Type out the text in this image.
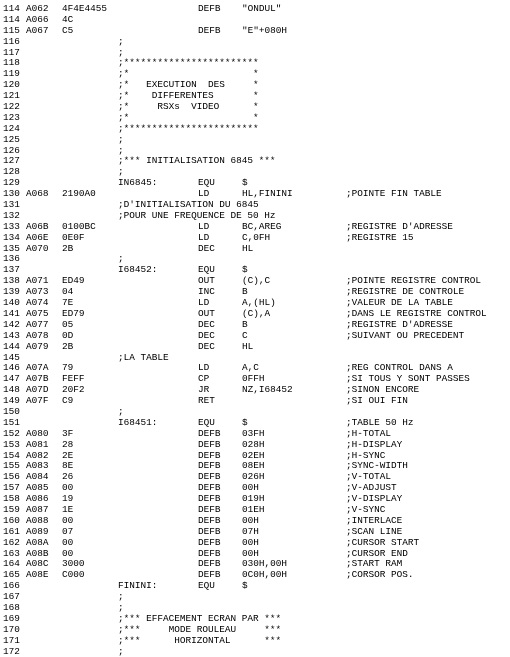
114 A062 4F4E4455	DEFB "ONDUL"
114 A066 4C
115 A067 C5	DEFB "E"+080H
116	;
117	;
118	;************************
119	;*                      *
120	;*   EXECUTION  DES     *
121	;*    DIFFERENTES       *
122	;*     RSXs  VIDEO      *
123	;*                      *
124	;************************
125	;
126	;
127	;*** INITIALISATION 6845 ***
128	;
129	IN6845:	EQU	$
130 A068 2190A0	LD	HL,FININI	;POINTE FIN TABLE
131	;D'INITIALISATION DU 6845
132	;POUR UNE FREQUENCE DE 50 Hz
133 A06B 0100BC	LD	BC,AREG	;REGISTRE D'ADRESSE
134 A06E 0E0F	LD	C,0FH	;REGISTRE 15
135 A070 2B	DEC	HL
136	;
137	I68452:	EQU	$
138 A071 ED49	OUT	(C),C	;POINTE REGISTRE CONTROL
139 A073 04	INC	B	;REGISTRE DE CONTROLE
140 A074 7E	LD	A,(HL)	;VALEUR DE LA TABLE
141 A075 ED79	OUT	(C),A	;DANS LE REGISTRE CONTROL
142 A077 05	DEC	B	;REGISTRE D'ADRESSE
143 A078 0D	DEC	C	;SUIVANT OU PRECEDENT
144 A079 2B	DEC	HL
145	;LA TABLE
146 A07A 79	LD	A,C	;REG CONTROL DANS A
147 A07B FEFF	CP	0FFH	;SI TOUS Y SONT PASSES
148 A07D 20F2	JR	NZ,I68452	;SINON ENCORE
149 A07F C9	RET	;SI OUI FIN
150	;
151	I68451:	EQU	$	;TABLE 50 Hz
152 A080 3F	DEFB 03FH	;H-TOTAL
153 A081 28	DEFB 028H	;H-DISPLAY
154 A082 2E	DEFB 02EH	;H-SYNC
155 A083 8E	DEFB 08EH	;SYNC-WIDTH
156 A084 26	DEFB 026H	;V-TOTAL
157 A085 00	DEFB 00H	;V-ADJUST
158 A086 19	DEFB 019H	;V-DISPLAY
159 A087 1E	DEFB 01EH	;V-SYNC
160 A088 00	DEFB 00H	;INTERLACE
161 A089 07	DEFB 07H	;SCAN LINE
162 A08A 00	DEFB 00H	;CURSOR START
163 A08B 00	DEFB 00H	;CURSOR END
164 A08C 3000	DEFB 030H,00H	;START RAM
165 A08E C000	DEFB 0C0H,00H	;CORSOR POS.
166	FININI:	EQU	$
167	;
168	;
169	;*** EFFACEMENT ECRAN PAR ***
170	;***     MODE ROULEAU     ***
171	;***      HORIZONTAL      ***
172	;
